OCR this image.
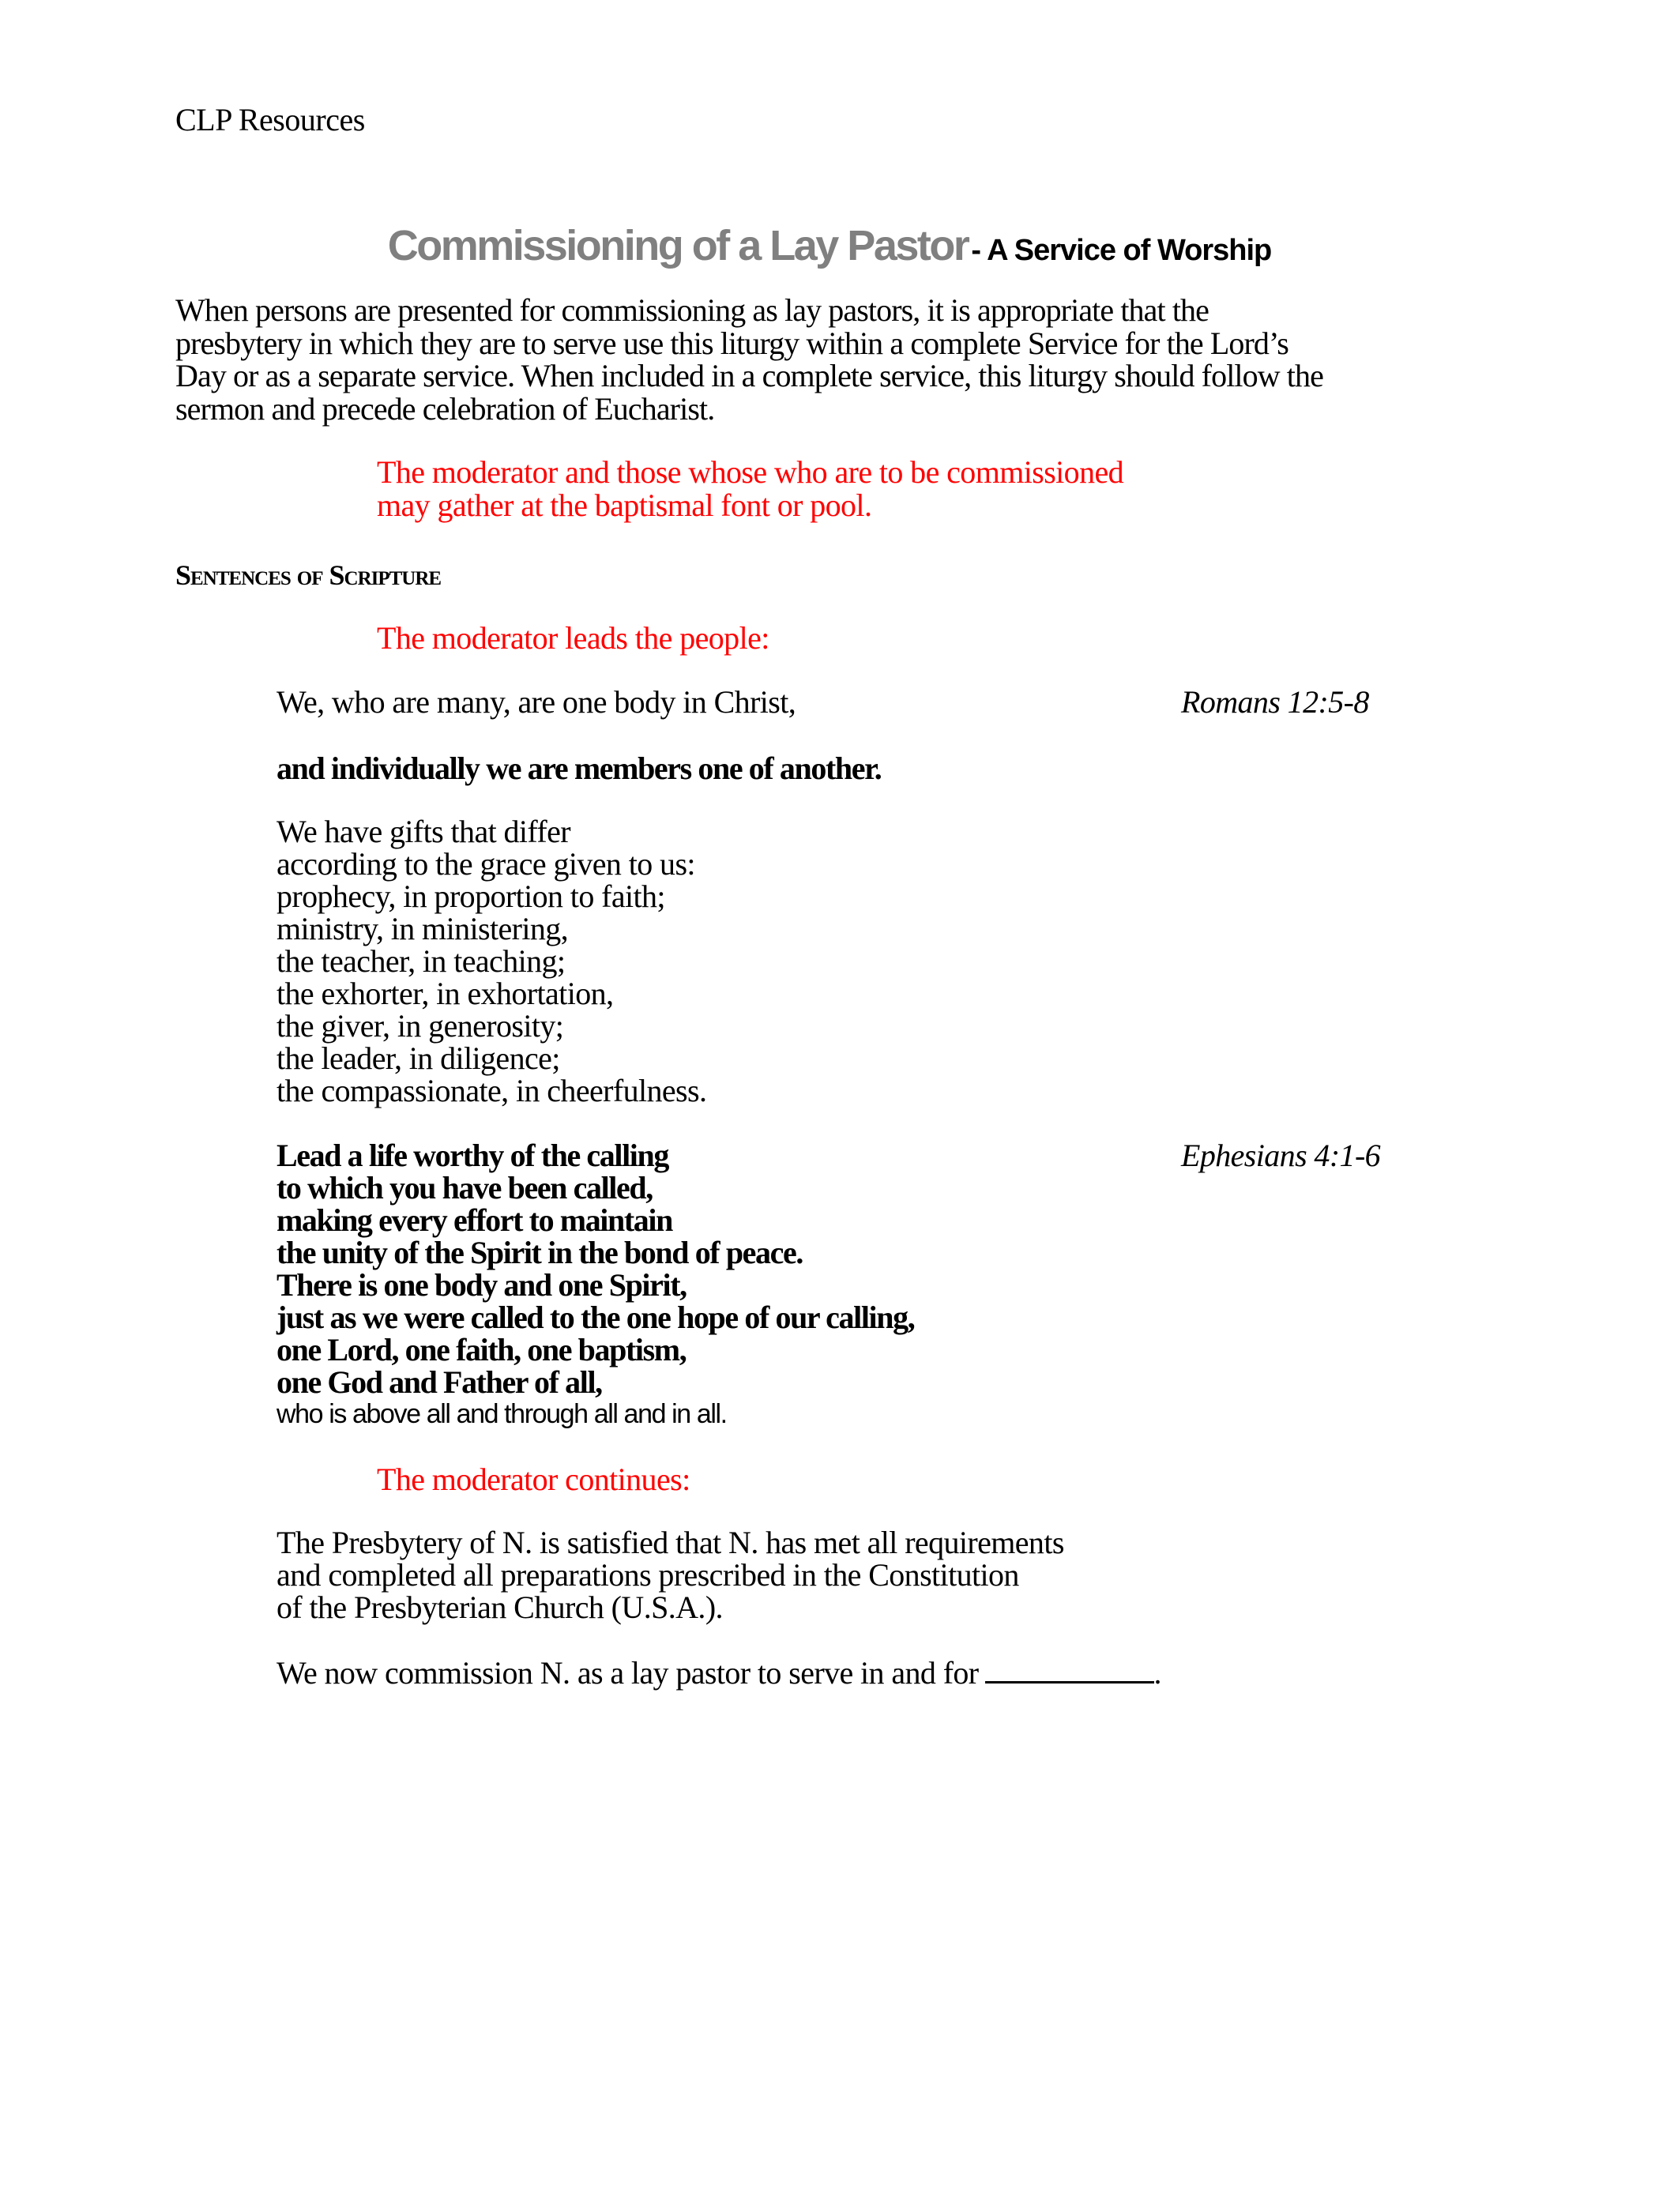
CLP Resources
Commissioning of a Lay Pastor - A Service of Worship
When persons are presented for commissioning as lay pastors, it is appropriate that the
presbytery in which they are to serve use this liturgy within a complete Service for the Lord’s
Day or as a separate service. When included in a complete service, this liturgy should follow the
sermon and precede celebration of Eucharist.
The moderator and those whose who are to be commissioned
may gather at the baptismal font or pool.
Sentences of Scripture
The moderator leads the people:
We, who are many, are one body in Christ,	Romans 12:5-8
and individually we are members one of another.
We have gifts that differ
according to the grace given to us:
prophecy, in proportion to faith;
ministry, in ministering,
the teacher, in teaching;
the exhorter, in exhortation,
the giver, in generosity;
the leader, in diligence;
the compassionate, in cheerfulness.
Lead a life worthy of the calling
to which you have been called,
making every effort to maintain
the unity of the Spirit in the bond of peace.
There is one body and one Spirit,
just as we were called to the one hope of our calling,
one Lord, one faith, one baptism,
one God and Father of all,
who is above all and through all and in all.
Ephesians 4:1-6
The moderator continues:
The Presbytery of N. is satisfied that N. has met all requirements
and completed all preparations prescribed in the Constitution
of the Presbyterian Church (U.S.A.).
We now commission N. as a lay pastor to serve in and for	.
